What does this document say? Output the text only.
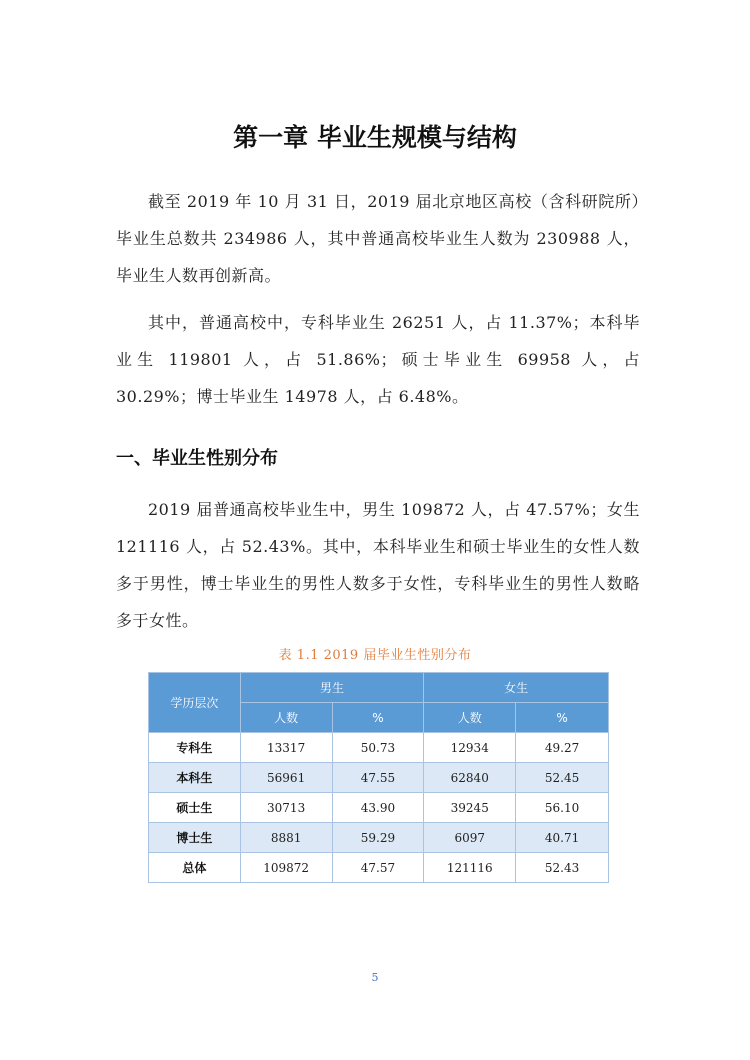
第一章 毕业生规模与结构

截至 2019 年 10 月 31 日，2019 届北京地区高校（含科研院所）毕业生总数共 234986 人，其中普通高校毕业生人数为 230988 人，毕业生人数再创新高。

其中，普通高校中，专科毕业生 26251 人，占 11.37%；本科毕业生 119801 人，占 51.86%；硕士毕业生 69958 人，占 30.29%；博士毕业生 14978 人，占 6.48%。

一、毕业生性别分布

2019 届普通高校毕业生中，男生 109872 人，占 47.57%；女生 121116 人，占 52.43%。其中，本科毕业生和硕士毕业生的女性人数多于男性，博士毕业生的男性人数多于女性，专科毕业生的男性人数略多于女性。

表 1.1 2019 届毕业生性别分布

学历层次	男生		女生	
	人数	%	人数	%
专科生	13317	50.73	12934	49.27
本科生	56961	47.55	62840	52.45
硕士生	30713	43.90	39245	56.10
博士生	8881	59.29	6097	40.71
总体	109872	47.57	121116	52.43

5
